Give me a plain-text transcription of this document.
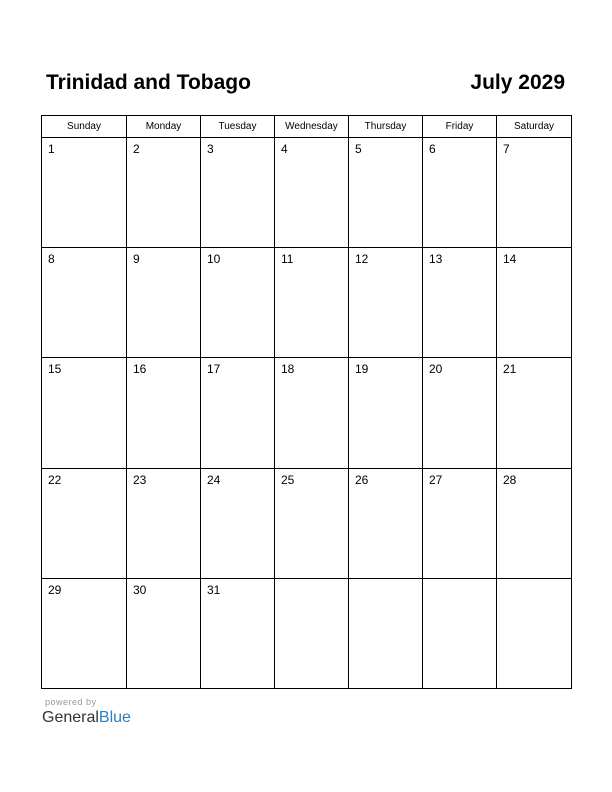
Trinidad and Tobago	July 2029
Sunday	Monday	Tuesday	Wednesday	Thursday	Friday	Saturday

1	2	3	4	5	6	7

8	9	10	11	12	13	14

15	16	17	18	19	20	21

22	23	24	25	26	27	28

29	30	31				

powered by
GeneralBlue
